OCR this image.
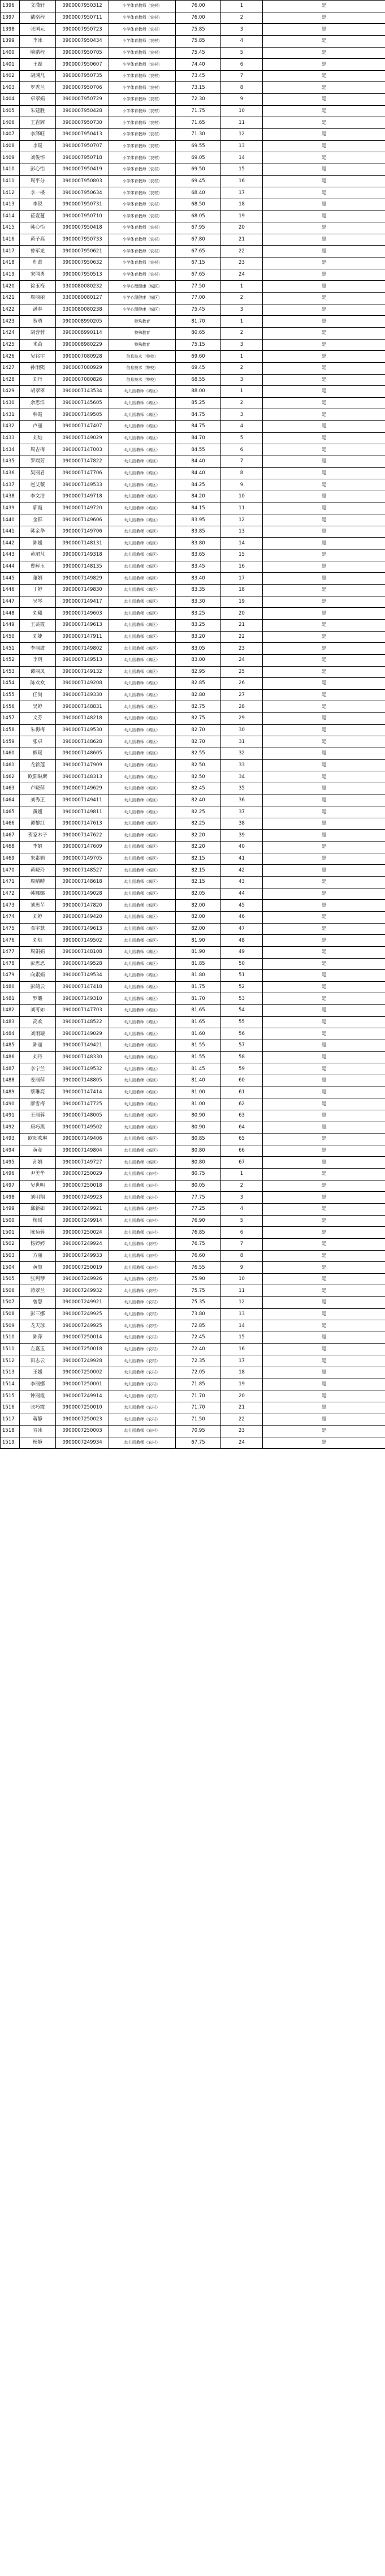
1396	文潇轩	0900007950312	小学体育教师（农村）	76.00	1	是
1397	戴骆程	0900007950711	小学体育教师（农村）	76.00	2	是
1398	张国元	0900007950723	小学体育教师（农村）	75.85	3	是
1399	李冰	0900007950434	小学体育教师（农村）	75.85	4	是
1400	喻腊程	0900007950705	小学体育教师（农村）	75.45	5	是
1401	王磊	0900007950607	小学体育教师（农村）	74.40	6	是
1402	胡渊凡	0900007950735	小学体育教师（农村）	73.45	7	是
1403	罗秀兰	0900007950706	小学体育教师（农村）	73.15	8	是
1404	卓翠娟	0900007950729	小学体育教师（农村）	72.30	9	是
1405	朱建胜	0900007950428	小学体育教师（农村）	71.75	10	是
1406	王岩辉	0900007950730	小学体育教师（农村）	71.65	11	是
1407	李泽旺	0900007950413	小学体育教师（农村）	71.30	12	是
1408	李瑶	0900007950707	小学体育教师（农村）	69.55	13	是
1409	刘俊怀	0900007950718	小学体育教师（农村）	69.05	14	是
1410	彭心怡	0900007950419	小学体育教师（农村）	69.50	15	是
1411	周平分	0900007950803	小学体育教师（农村）	69.45	16	是
1412	李一楼	0900007950634	小学体育教师（农村）	68.40	17	是
1413	李锐	0900007950731	小学体育教师（农村）	68.50	18	是
1414	莅壹蔓	0900007950710	小学体育教师（农村）	68.05	19	是
1415	韩心怡	0900007950418	小学体育教师（农村）	67.95	20	是
1416	黄子高	0900007950733	小学体育教师（农村）	67.80	21	是
1417	曾军龙	0900007950621	小学体育教师（农村）	67.65	22	是
1418	杜蕾	0900007950632	小学体育教师（农村）	67.15	23	是
1419	宋闻勇	0900007950513	小学体育教师（农村）	67.65	24	是
1420	徐玉梅	0300080080232	小学心理健康（城区）	77.50	1	是
1421	周丽丽	0300080080127	小学心理健康（城区）	77.00	2	是
1422	潘春	0300080080238	小学心理健康（城区）	75.45	3	是
1423	贺勇	0900008990205	特殊教育	81.70	1	是
1424	胡蓉蓉	0900008990114	特殊教育	80.65	2	是
1425	米苗	0900008980229	特殊教育	75.15	3	是
1426	吴祁宇	0900007080928	信息技术（特校）	69.60	1	是
1427	孙雨熙	0900007080929	信息技术（特校）	69.45	2	是
1428	刘丹	0900007080826	信息技术（特校）	68.55	3	是
1429	胡翠翠	0900007143534	幼儿园教师（城区）	88.00	1	是
1430	余思洋	0900007145605	幼儿园教师（城区）	85.25	2	是
1431	韩霞	0900007149505	幼儿园教师（城区）	84.75	3	是
1432	卢丽	0900007147407	幼儿园教师（城区）	84.75	4	是
1433	刘灿	0900007149029	幼儿园教师（城区）	84.70	5	是
1434	周吉梅	0900007147003	幼儿园教师（城区）	84.55	6	是
1435	罗端芳	0900007147822	幼儿园教师（城区）	84.40	7	是
1436	吴丽君	0900007147706	幼儿园教师（城区）	84.40	8	是
1437	赵艾薇	0900007149533	幼儿园教师（城区）	84.25	9	是
1438	李文洁	0900007149718	幼儿园教师（城区）	84.20	10	是
1439	郭霞	0900007149720	幼儿园教师（城区）	84.15	11	是
1440	金群	0900007149606	幼儿园教师（城区）	83.95	12	是
1441	韩金华	0900007149706	幼儿园教师（城区）	83.85	13	是
1442	陈媛	0900007148131	幼儿园教师（城区）	83.80	14	是
1443	黄珺芃	0900007149318	幼儿园教师（城区）	83.65	15	是
1444	曹晖玉	0900007148135	幼儿园教师（城区）	83.45	16	是
1445	董娟	0900007149829	幼儿园教师（城区）	83.40	17	是
1446	丁婷	0900007149830	幼儿园教师（城区）	83.35	18	是
1447	吴琴	0900007149417	幼儿园教师（城区）	83.30	19	是
1448	刘曦	0900007149603	幼儿园教师（城区）	83.25	20	是
1449	王芸霞	0900007149613	幼儿园教师（城区）	83.25	21	是
1450	刘婕	0900007147911	幼儿园教师（城区）	83.20	22	是
1451	李丽波	0900007149802	幼儿园教师（城区）	83.05	23	是
1452	李玥	0900007149513	幼儿园教师（城区）	83.00	24	是
1453	谭丽凤	0900007149132	幼儿园教师（城区）	82.95	25	是
1454	陈欢欢	0900007149208	幼儿园教师（城区）	82.85	26	是
1455	任尚	0900007149330	幼儿园教师（城区）	82.80	27	是
1456	吴婷	0900007148831	幼儿园教师（城区）	82.75	28	是
1457	文芬	0900007148218	幼儿园教师（城区）	82.75	29	是
1458	朱梅梅	0900007149530	幼儿园教师（城区）	82.70	30	是
1459	张卓	0900007148628	幼儿园教师（城区）	82.70	31	是
1460	熊瑶	0900007148605	幼儿园教师（城区）	82.55	32	是
1461	龙新莲	0900007147909	幼儿园教师（城区）	82.50	33	是
1462	欧阳琳斯	0900007148313	幼儿园教师（城区）	82.50	34	是
1463	卢晓萍	0900007149629	幼儿园教师（城区）	82.45	35	是
1464	刘秀正	0900007149411	幼儿园教师（城区）	82.40	36	是
1465	黄媛	0900007149811	幼儿园教师（城区）	82.25	37	是
1466	谭黎红	0900007147613	幼儿园教师（城区）	82.25	38	是
1467	贺家木子	0900007147622	幼儿园教师（城区）	82.20	39	是
1468	李娟	0900007147609	幼儿园教师（城区）	82.20	40	是
1469	朱素娟	0900007149705	幼儿园教师（城区）	82.15	41	是
1470	黄晓玲	0900007148527	幼儿园教师（城区）	82.15	42	是
1471	周晴晴	0900007148618	幼儿园教师（城区）	82.15	43	是
1472	韩娜娜	0900007149028	幼儿园教师（城区）	82.05	44	是
1473	刘思芊	0900007147820	幼儿园教师（城区）	82.00	45	是
1474	刘婷	0900007149420	幼儿园教师（城区）	82.00	46	是
1475	邓宇慧	0900007149613	幼儿园教师（城区）	82.00	47	是
1476	刘灿	0900007149502	幼儿园教师（城区）	81.90	48	是
1477	周娟娟	0900007148108	幼儿园教师（城区）	81.90	49	是
1478	彭思思	0900007149528	幼儿园教师（城区）	81.85	50	是
1479	向素娟	0900007149534	幼儿园教师（城区）	81.80	51	是
1480	彭鹤云	0900007147418	幼儿园教师（城区）	81.75	52	是
1481	罗璐	0900007149310	幼儿园教师（城区）	81.70	53	是
1482	刘可如	0900007147703	幼儿园教师（城区）	81.65	54	是
1483	高欢	0900007148522	幼儿园教师（城区）	81.65	55	是
1484	刘雨璇	0900007149029	幼儿园教师（城区）	81.60	56	是
1485	陈丽	0900007149421	幼儿园教师（城区）	81.55	57	是
1486	刘丹	0900007148330	幼儿园教师（城区）	81.55	58	是
1487	李宁兰	0900007149532	幼儿园教师（城区）	81.45	59	是
1488	姜丽萍	0900007148805	幼儿园教师（城区）	81.40	60	是
1489	蔡琳亮	0900007147414	幼儿园教师（城区）	81.00	61	是
1490	廖雪梅	0900007147725	幼儿园教师（城区）	81.00	62	是
1491	王丽蓉	0900007148005	幼儿园教师（城区）	80.90	63	是
1492	唐巧燕	0900007149502	幼儿园教师（城区）	80.90	64	是
1493	欧阳欢琳	0900007149406	幼儿园教师（城区）	80.85	65	是
1494	黄竟	0900007149804	幼儿园教师（城区）	80.80	66	是
1495	孙娟	0900007149727	幼儿园教师（城区）	80.80	67	是
1496	尹美华	0900007250029	幼儿园教师（农村）	80.75	1	是
1497	吴世明	0900007250018	幼儿园教师（农村）	80.05	2	是
1498	刘明翔	0900007249923	幼儿园教师（农村）	77.75	3	是
1499	邱新如	0900007249921	幼儿园教师（农村）	77.25	4	是
1500	杨瑶	0900007249914	幼儿园教师（农村）	76.90	5	是
1501	陈菊蓉	0900007250024	幼儿园教师（农村）	76.85	6	是
1502	杨婷婷	0900007249924	幼儿园教师（农村）	76.75	7	是
1503	方丽	0900007249933	幼儿园教师（农村）	76.60	8	是
1504	黄慧	0900007250019	幼儿园教师（农村）	76.55	9	是
1505	张利琴	0900007249926	幼儿园教师（农村）	75.90	10	是
1506	蒋翠兰	0900007249932	幼儿园教师（农村）	75.75	11	是
1507	曾慧	0900007249921	幼儿园教师（农村）	75.35	12	是
1508	彭三娜	0900007249925	幼儿园教师（农村）	73.80	13	是
1509	龙天琼	0900007249925	幼儿园教师（农村）	72.85	14	是
1510	陈萍	0900007250014	幼儿园教师（农村）	72.45	15	是
1511	左嘉玉	0900007250018	幼儿园教师（农村）	72.40	16	是
1512	田志云	0900007249928	幼儿园教师（农村）	72.35	17	是
1513	王媛	0900007250002	幼儿园教师（农村）	72.05	18	是
1514	李丽娜	0900007250001	幼儿园教师（农村）	71.85	19	是
1515	钟丽霞	0900007249914	幼儿园教师（农村）	71.70	20	是
1516	张巧霞	0900007250010	幼儿园教师（农村）	71.70	21	是
1517	蒋静	0900007250023	幼儿园教师（农村）	71.50	22	是
1518	谷冰	0900007250003	幼儿园教师（农村）	70.95	23	是
1519	杨静	0900007249934	幼儿园教师（农村）	67.75	24	是
